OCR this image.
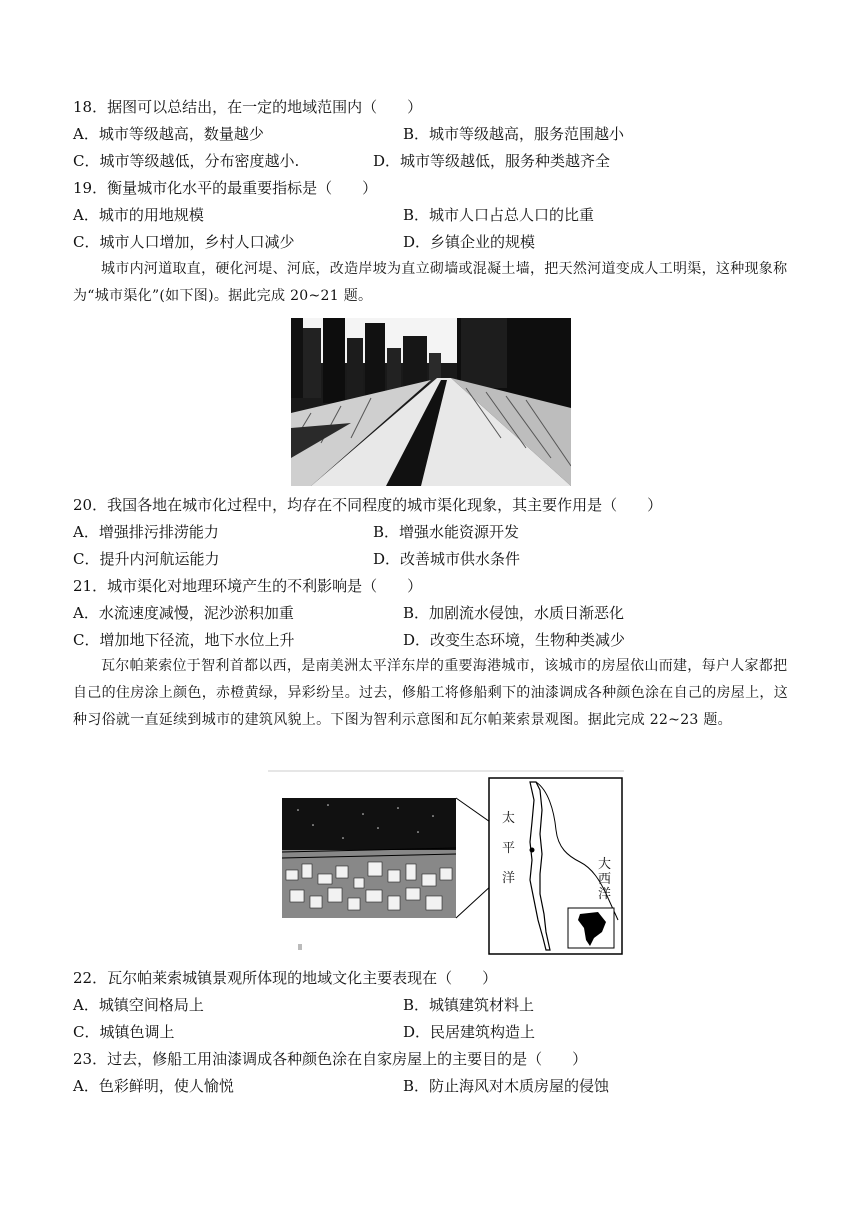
18．据图可以总结出，在一定的地域范围内（　　）
A．城市等级越高，数量越少	B．城市等级越高，服务范围越小
C．城市等级越低，分布密度越小.	D．城市等级越低，服务种类越齐全
19．衡量城市化水平的最重要指标是（　　）
A．城市的用地规模	B．城市人口占总人口的比重
C．城市人口增加，乡村人口减少	D．乡镇企业的规模
城市内河道取直，硬化河堤、河底，改造岸坡为直立砌墙或混凝土墙，把天然河道变成人工明渠，这种现象称为“城市渠化”(如下图)。据此完成 20~21 题。
20．我国各地在城市化过程中，均存在不同程度的城市渠化现象，其主要作用是（　　）
A．增强排污排涝能力	B．增强水能资源开发
C．提升内河航运能力	D．改善城市供水条件
21．城市渠化对地理环境产生的不利影响是（　　）
A．水流速度减慢，泥沙淤积加重	B．加剧流水侵蚀，水质日渐恶化
C．增加地下径流，地下水位上升	D．改变生态环境，生物种类减少
瓦尔帕莱索位于智利首都以西，是南美洲太平洋东岸的重要海港城市，该城市的房屋依山而建，每户人家都把自己的住房涂上颜色，赤橙黄绿，异彩纷呈。过去，修船工将修船剩下的油漆调成各种颜色涂在自己的房屋上，这种习俗就一直延续到城市的建筑风貌上。下图为智利示意图和瓦尔帕莱索景观图。据此完成 22~23 题。
太
平
洋
大
西
洋
22．瓦尔帕莱索城镇景观所体现的地域文化主要表现在（　　）
A．城镇空间格局上	B．城镇建筑材料上
C．城镇色调上	D．民居建筑构造上
23．过去，修船工用油漆调成各种颜色涂在自家房屋上的主要目的是（　　）
A．色彩鲜明，使人愉悦	B．防止海风对木质房屋的侵蚀
